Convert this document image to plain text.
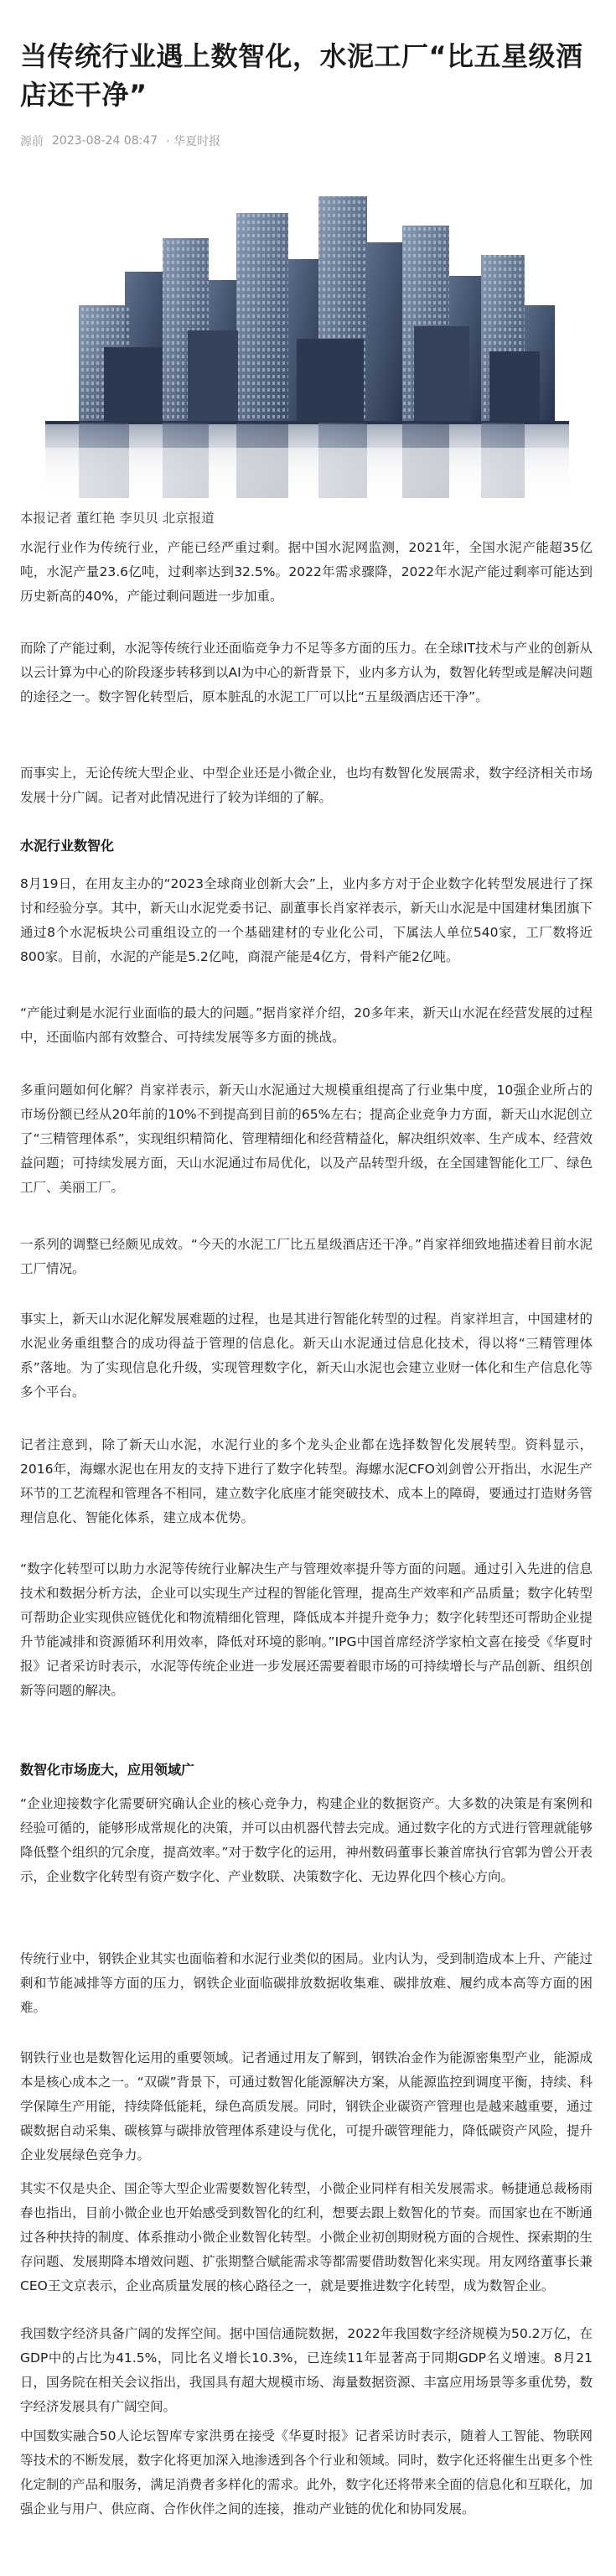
当传统行业遇上数智化，水泥工厂“比五星级酒店还干净”
源前 2023-08-24 08:47 · 华夏时报
本报记者 董红艳 李贝贝 北京报道

水泥行业作为传统行业，产能已经严重过剩。据中国水泥网监测，2021年，全国水泥产能超35亿吨，水泥产量23.6亿吨，过剩率达到32.5%。2022年需求骤降，2022年水泥产能过剩率可能达到历史新高的40%，产能过剩问题进一步加重。

而除了产能过剩，水泥等传统行业还面临竞争力不足等多方面的压力。在全球IT技术与产业的创新从以云计算为中心的阶段逐步转移到以AI为中心的新背景下，业内多方认为，数智化转型或是解决问题的途径之一。数字智化转型后，原本脏乱的水泥工厂可以比“五星级酒店还干净”。

而事实上，无论传统大型企业、中型企业还是小微企业，也均有数智化发展需求，数字经济相关市场发展十分广阔。记者对此情况进行了较为详细的了解。

水泥行业数智化

8月19日，在用友主办的“2023全球商业创新大会”上，业内多方对于企业数字化转型发展进行了探讨和经验分享。其中，新天山水泥党委书记、副董事长肖家祥表示，新天山水泥是中国建材集团旗下通过8个水泥板块公司重组设立的一个基础建材的专业化公司，下属法人单位540家，工厂数将近800家。目前，水泥的产能是5.2亿吨，商混产能是4亿方，骨料产能2亿吨。

“产能过剩是水泥行业面临的最大的问题。”据肖家祥介绍，20多年来，新天山水泥在经营发展的过程中，还面临内部有效整合、可持续发展等多方面的挑战。

多重问题如何化解？肖家祥表示，新天山水泥通过大规模重组提高了行业集中度，10强企业所占的市场份额已经从20年前的10%不到提高到目前的65%左右；提高企业竞争力方面，新天山水泥创立了“三精管理体系”，实现组织精简化、管理精细化和经营精益化，解决组织效率、生产成本、经营效益问题；可持续发展方面，天山水泥通过布局优化，以及产品转型升级，在全国建智能化工厂、绿色工厂、美丽工厂。

一系列的调整已经颇见成效。“今天的水泥工厂比五星级酒店还干净。”肖家祥细致地描述着目前水泥工厂情况。

事实上，新天山水泥化解发展难题的过程，也是其进行智能化转型的过程。肖家祥坦言，中国建材的水泥业务重组整合的成功得益于管理的信息化。新天山水泥通过信息化技术，得以将“三精管理体系”落地。为了实现信息化升级，实现管理数字化，新天山水泥也会建立业财一体化和生产信息化等多个平台。

记者注意到，除了新天山水泥，水泥行业的多个龙头企业都在选择数智化发展转型。资料显示，2016年，海螺水泥也在用友的支持下进行了数字化转型。海螺水泥CFO刘剑曾公开指出，水泥生产环节的工艺流程和管理各不相同，建立数字化底座才能突破技术、成本上的障碍，要通过打造财务管理信息化、智能化体系，建立成本优势。

“数字化转型可以助力水泥等传统行业解决生产与管理效率提升等方面的问题。通过引入先进的信息技术和数据分析方法，企业可以实现生产过程的智能化管理，提高生产效率和产品质量；数字化转型可帮助企业实现供应链优化和物流精细化管理，降低成本并提升竞争力；数字化转型还可帮助企业提升节能减排和资源循环利用效率，降低对环境的影响。”IPG中国首席经济学家柏文喜在接受《华夏时报》记者采访时表示，水泥等传统企业进一步发展还需要着眼市场的可持续增长与产品创新、组织创新等问题的解决。

数智化市场庞大，应用领域广

“企业迎接数字化需要研究确认企业的核心竞争力，构建企业的数据资产。大多数的决策是有案例和经验可循的，能够形成常规化的决策，并可以由机器代替去完成。通过数字化的方式进行管理就能够降低整个组织的冗余度，提高效率。”对于数字化的运用，神州数码董事长兼首席执行官郭为曾公开表示，企业数字化转型有资产数字化、产业数联、决策数字化、无边界化四个核心方向。

传统行业中，钢铁企业其实也面临着和水泥行业类似的困局。业内认为，受到制造成本上升、产能过剩和节能减排等方面的压力，钢铁企业面临碳排放数据收集难、碳排放难、履约成本高等方面的困难。

钢铁行业也是数智化运用的重要领域。记者通过用友了解到，钢铁冶金作为能源密集型产业，能源成本是核心成本之一。“双碳”背景下，可通过数智化能源解决方案，从能源监控到调度平衡，持续、科学保障生产用能，持续降低能耗，绿色高质发展。同时，钢铁企业碳资产管理也是越来越重要，通过碳数据自动采集、碳核算与碳排放管理体系建设与优化，可提升碳管理能力，降低碳资产风险，提升企业发展绿色竞争力。

其实不仅是央企、国企等大型企业需要数智化转型，小微企业同样有相关发展需求。畅捷通总裁杨雨春也指出，目前小微企业也开始感受到数智化的红利，想要去跟上数智化的节奏。而国家也在不断通过各种扶持的制度、体系推动小微企业数智化转型。小微企业初创期财税方面的合规性、探索期的生存问题、发展期降本增效问题、扩张期整合赋能需求等都需要借助数智化来实现。用友网络董事长兼CEO王文京表示，企业高质量发展的核心路径之一，就是要推进数字化转型，成为数智企业。

我国数字经济具备广阔的发挥空间。据中国信通院数据，2022年我国数字经济规模为50.2万亿，在GDP中的占比为41.5%，同比名义增长10.3%，已连续11年显著高于同期GDP名义增速。8月21日，国务院在相关会议指出，我国具有超大规模市场、海量数据资源、丰富应用场景等多重优势，数字经济发展具有广阔空间。

中国数实融合50人论坛智库专家洪勇在接受《华夏时报》记者采访时表示，随着人工智能、物联网等技术的不断发展，数字化将更加深入地渗透到各个行业和领域。同时，数字化还将催生出更多个性化定制的产品和服务，满足消费者多样化的需求。此外，数字化还将带来全面的信息化和互联化，加强企业与用户、供应商、合作伙伴之间的连接，推动产业链的优化和协同发展。
